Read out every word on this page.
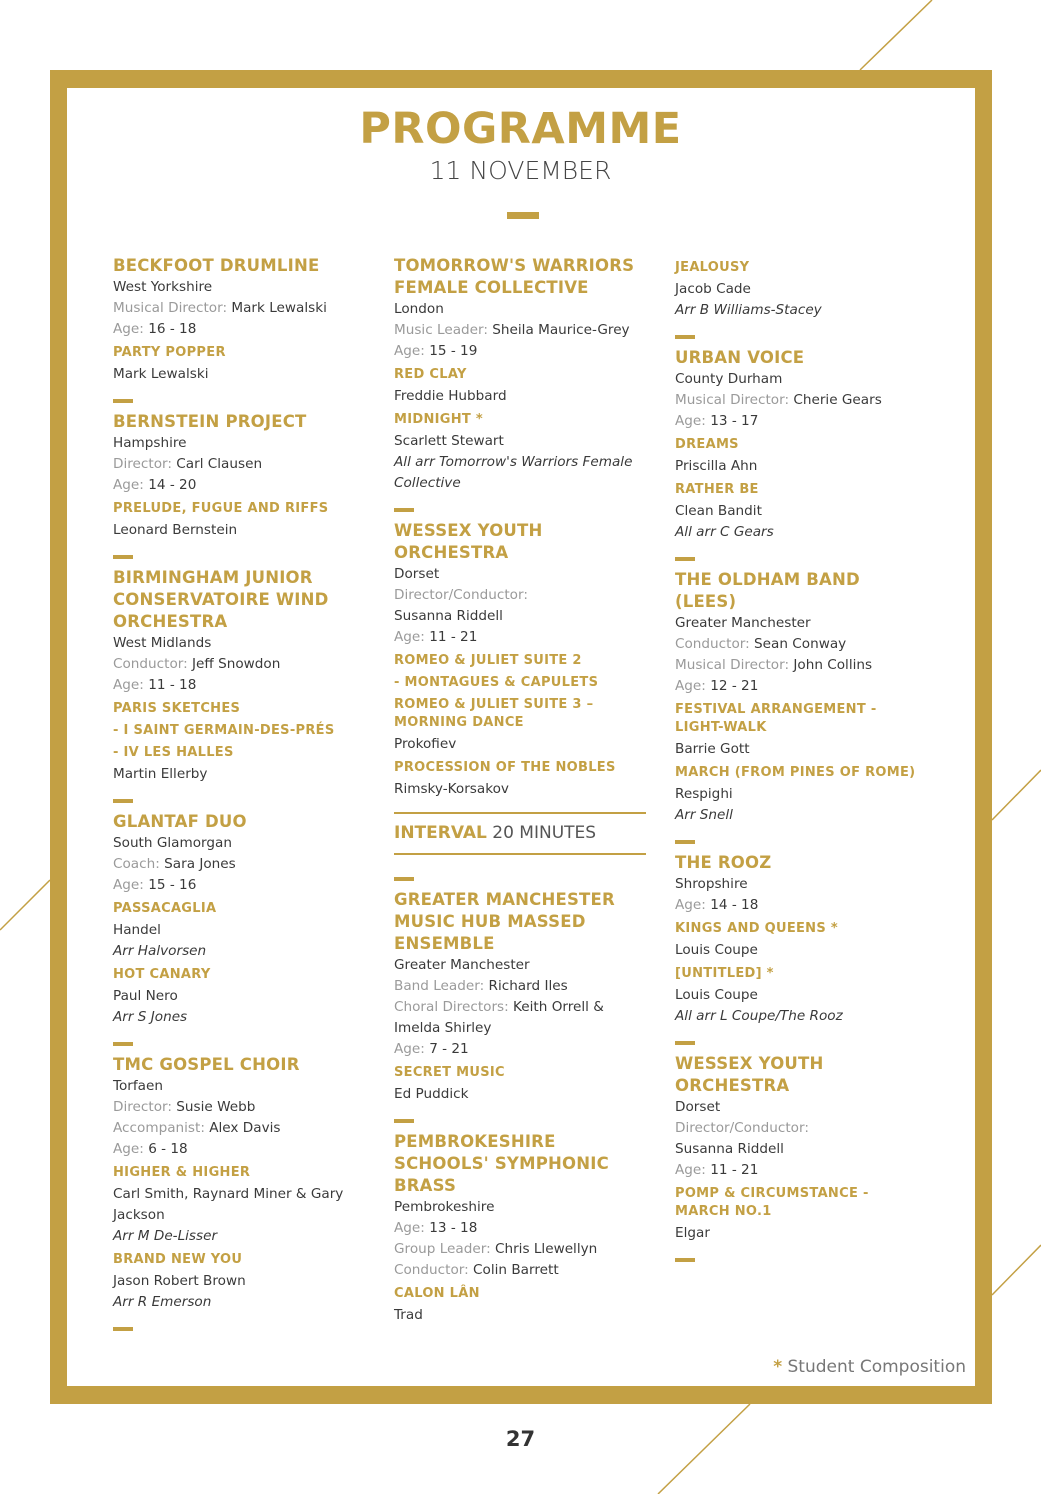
PROGRAMME
11 NOVEMBER
BECKFOOT DRUMLINE
West Yorkshire
Musical Director: Mark Lewalski
Age: 16 - 18
PARTY POPPER
Mark Lewalski
BERNSTEIN PROJECT
Hampshire
Director: Carl Clausen
Age: 14 - 20
PRELUDE, FUGUE AND RIFFS
Leonard Bernstein
BIRMINGHAM JUNIOR CONSERVATOIRE WIND ORCHESTRA
West Midlands
Conductor: Jeff Snowdon
Age: 11 - 18
PARIS SKETCHES
- I SAINT GERMAIN-DES-PRÉS
- IV LES HALLES
Martin Ellerby
GLANTAF DUO
South Glamorgan
Coach: Sara Jones
Age: 15 - 16
PASSACAGLIA
Handel
Arr Halvorsen
HOT CANARY
Paul Nero
Arr S Jones
TMC GOSPEL CHOIR
Torfaen
Director: Susie Webb
Accompanist: Alex Davis
Age: 6 - 18
HIGHER & HIGHER
Carl Smith, Raynard Miner & Gary Jackson
Arr M De-Lisser
BRAND NEW YOU
Jason Robert Brown
Arr R Emerson
TOMORROW'S WARRIORS FEMALE COLLECTIVE
London
Music Leader: Sheila Maurice-Grey
Age: 15 - 19
RED CLAY
Freddie Hubbard
MIDNIGHT *
Scarlett Stewart
All arr Tomorrow's Warriors Female Collective
WESSEX YOUTH ORCHESTRA
Dorset
Director/Conductor:
Susanna Riddell
Age: 11 - 21
ROMEO & JULIET SUITE 2
- MONTAGUES & CAPULETS
ROMEO & JULIET SUITE 3 – MORNING DANCE
Prokofiev
PROCESSION OF THE NOBLES
Rimsky-Korsakov
INTERVAL 20 MINUTES
GREATER MANCHESTER MUSIC HUB MASSED ENSEMBLE
Greater Manchester
Band Leader: Richard Iles
Choral Directors: Keith Orrell & Imelda Shirley
Age: 7 - 21
SECRET MUSIC
Ed Puddick
PEMBROKESHIRE SCHOOLS' SYMPHONIC BRASS
Pembrokeshire
Age: 13 - 18
Group Leader: Chris Llewellyn
Conductor: Colin Barrett
CALON LÂN
Trad
JEALOUSY
Jacob Cade
Arr B Williams-Stacey
URBAN VOICE
County Durham
Musical Director: Cherie Gears
Age: 13 - 17
DREAMS
Priscilla Ahn
RATHER BE
Clean Bandit
All arr C Gears
THE OLDHAM BAND (LEES)
Greater Manchester
Conductor: Sean Conway
Musical Director: John Collins
Age: 12 - 21
FESTIVAL ARRANGEMENT - LIGHT-WALK
Barrie Gott
MARCH (FROM PINES OF ROME)
Respighi
Arr Snell
THE ROOZ
Shropshire
Age: 14 - 18
KINGS AND QUEENS *
Louis Coupe
[UNTITLED] *
Louis Coupe
All arr L Coupe/The Rooz
WESSEX YOUTH ORCHESTRA
Dorset
Director/Conductor:
Susanna Riddell
Age: 11 - 21
POMP & CIRCUMSTANCE - MARCH NO.1
Elgar
* Student Composition
27
